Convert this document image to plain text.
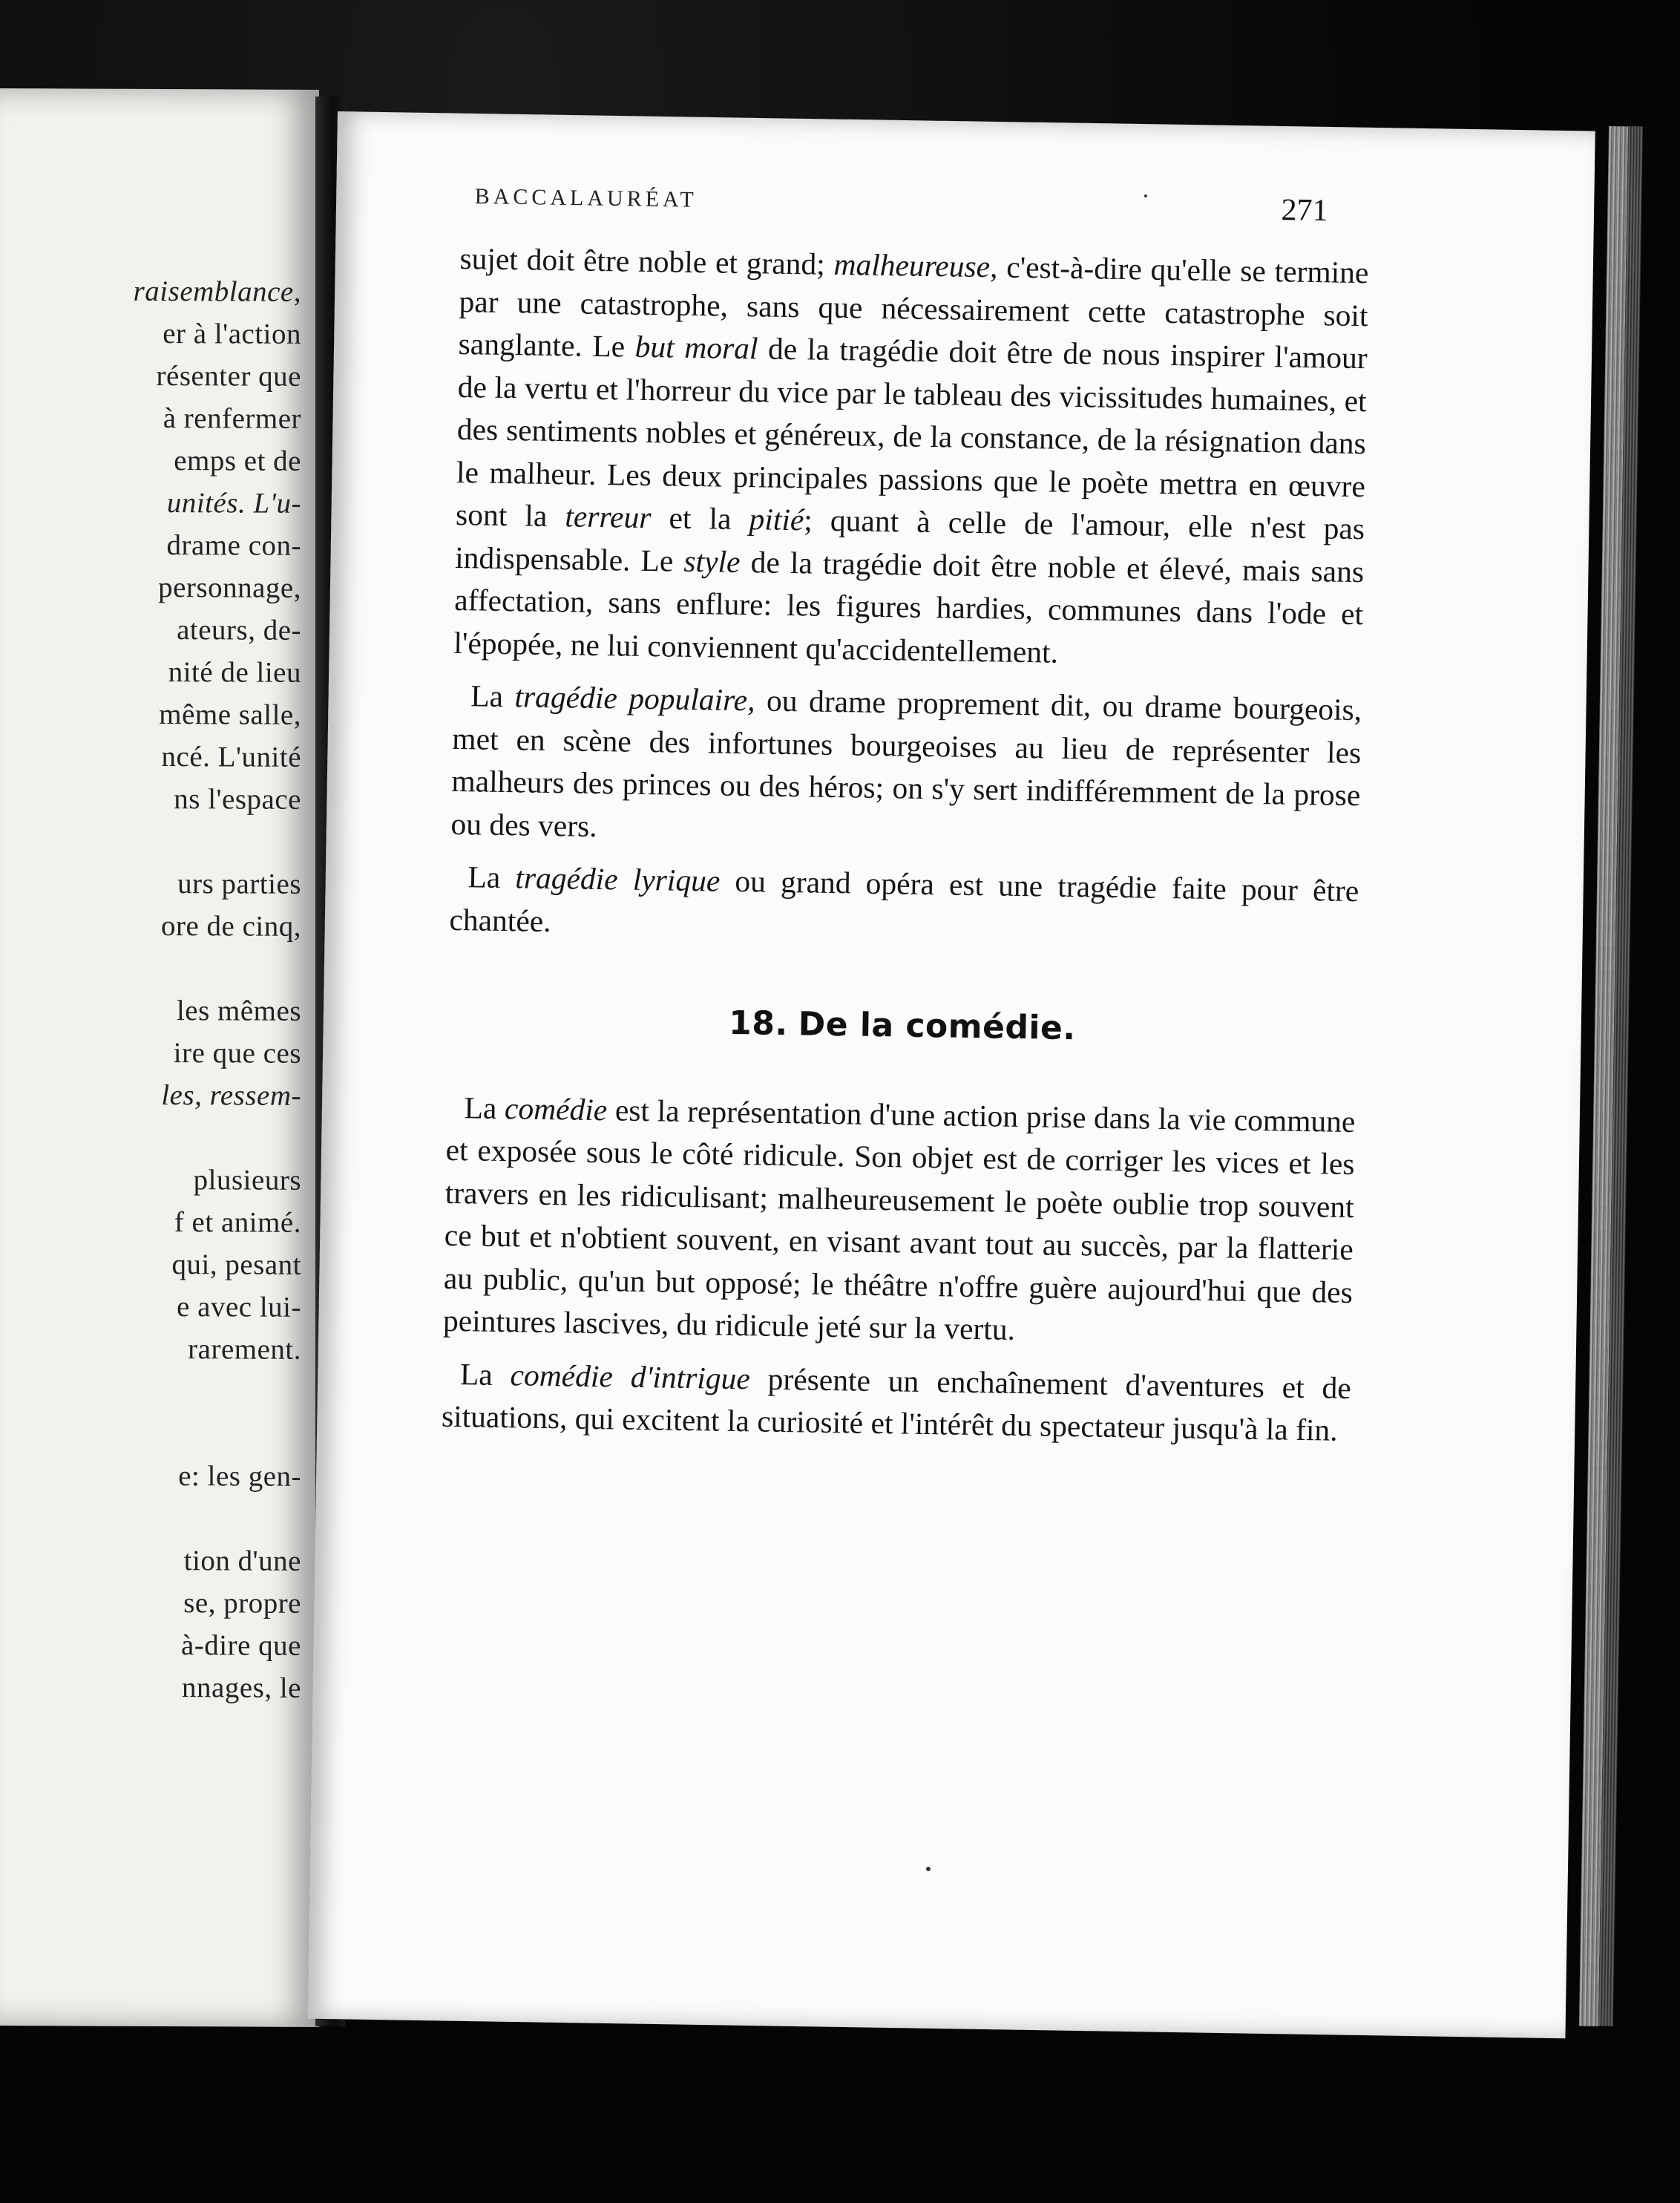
raisemblance,
er à l'action
résenter que
à renfermer
emps et de
unités. L'u-
drame con-
personnage,
ateurs, de-
nité de lieu
même salle,
ncé. L'unité
ns l'espace
urs parties
ore de cinq,
les mêmes
ire que ces
les, ressem-
plusieurs
f et animé.
qui, pesant
e avec lui-
rarement.
e: les gen-
tion d'une
se, propre
à-dire que
nnages, le
BACCALAURÉAT	271

sujet doit être noble et grand; malheureuse, c'est-à-dire qu'elle se termine par une catastrophe, sans que nécessairement cette catastrophe soit sanglante. Le but moral de la tragédie doit être de nous inspirer l'amour de la vertu et l'horreur du vice par le tableau des vicissitudes humaines, et des sentiments nobles et généreux, de la constance, de la résignation dans le malheur. Les deux principales passions que le poète mettra en œuvre sont la terreur et la pitié; quant à celle de l'amour, elle n'est pas indispensable. Le style de la tragédie doit être noble et élevé, mais sans affectation, sans enflure: les figures hardies, communes dans l'ode et l'épopée, ne lui conviennent qu'accidentellement.

La tragédie populaire, ou drame proprement dit, ou drame bourgeois, met en scène des infortunes bourgeoises au lieu de représenter les malheurs des princes ou des héros; on s'y sert indifféremment de la prose ou des vers.

La tragédie lyrique ou grand opéra est une tragédie faite pour être chantée.

18. De la comédie.

La comédie est la représentation d'une action prise dans la vie commune et exposée sous le côté ridicule. Son objet est de corriger les vices et les travers en les ridiculisant; malheureusement le poète oublie trop souvent ce but et n'obtient souvent, en visant avant tout au succès, par la flatterie au public, qu'un but opposé; le théâtre n'offre guère aujourd'hui que des peintures lascives, du ridicule jeté sur la vertu.

La comédie d'intrigue présente un enchaînement d'aventures et de situations, qui excitent la curiosité et l'intérêt du spectateur jusqu'à la fin.
